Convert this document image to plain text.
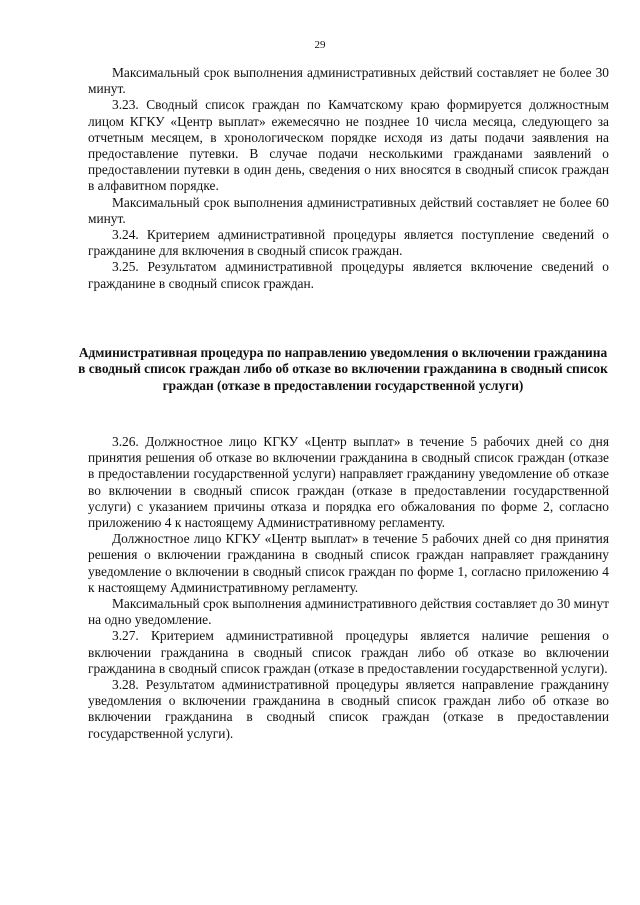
29

Максимальный срок выполнения административных действий составляет не более 30 минут.

3.23. Сводный список граждан по Камчатскому краю формируется должностным лицом КГКУ «Центр выплат» ежемесячно не позднее 10 числа месяца, следующего за отчетным месяцем, в хронологическом порядке исходя из даты подачи заявления на предоставление путевки. В случае подачи несколькими гражданами заявлений о предоставлении путевки в один день, сведения о них вносятся в сводный список граждан в алфавитном порядке.

Максимальный срок выполнения административных действий составляет не более 60 минут.

3.24. Критерием административной процедуры является поступление сведений о гражданине для включения в сводный список граждан.

3.25. Результатом административной процедуры является включение сведений о гражданине в сводный список граждан.

Административная процедура по направлению уведомления о включении гражданина в сводный список граждан либо об отказе во включении гражданина в сводный список граждан (отказе в предоставлении государственной услуги)

3.26. Должностное лицо КГКУ «Центр выплат» в течение 5 рабочих дней со дня принятия решения об отказе во включении гражданина в сводный список граждан (отказе в предоставлении государственной услуги) направляет гражданину уведомление об отказе во включении в сводный список граждан (отказе в предоставлении государственной услуги) с указанием причины отказа и порядка его обжалования по форме 2, согласно приложению 4 к настоящему Административному регламенту.

Должностное лицо КГКУ «Центр выплат» в течение 5 рабочих дней со дня принятия решения о включении гражданина в сводный список граждан направляет гражданину уведомление о включении в сводный список граждан по форме 1, согласно приложению 4 к настоящему Административному регламенту.

Максимальный срок выполнения административного действия составляет до 30 минут на одно уведомление.

3.27. Критерием административной процедуры является наличие решения о включении гражданина в сводный список граждан либо об отказе во включении гражданина в сводный список граждан (отказе в предоставлении государственной услуги).

3.28. Результатом административной процедуры является направление гражданину уведомления о включении гражданина в сводный список граждан либо об отказе во включении гражданина в сводный список граждан (отказе в предоставлении государственной услуги).
